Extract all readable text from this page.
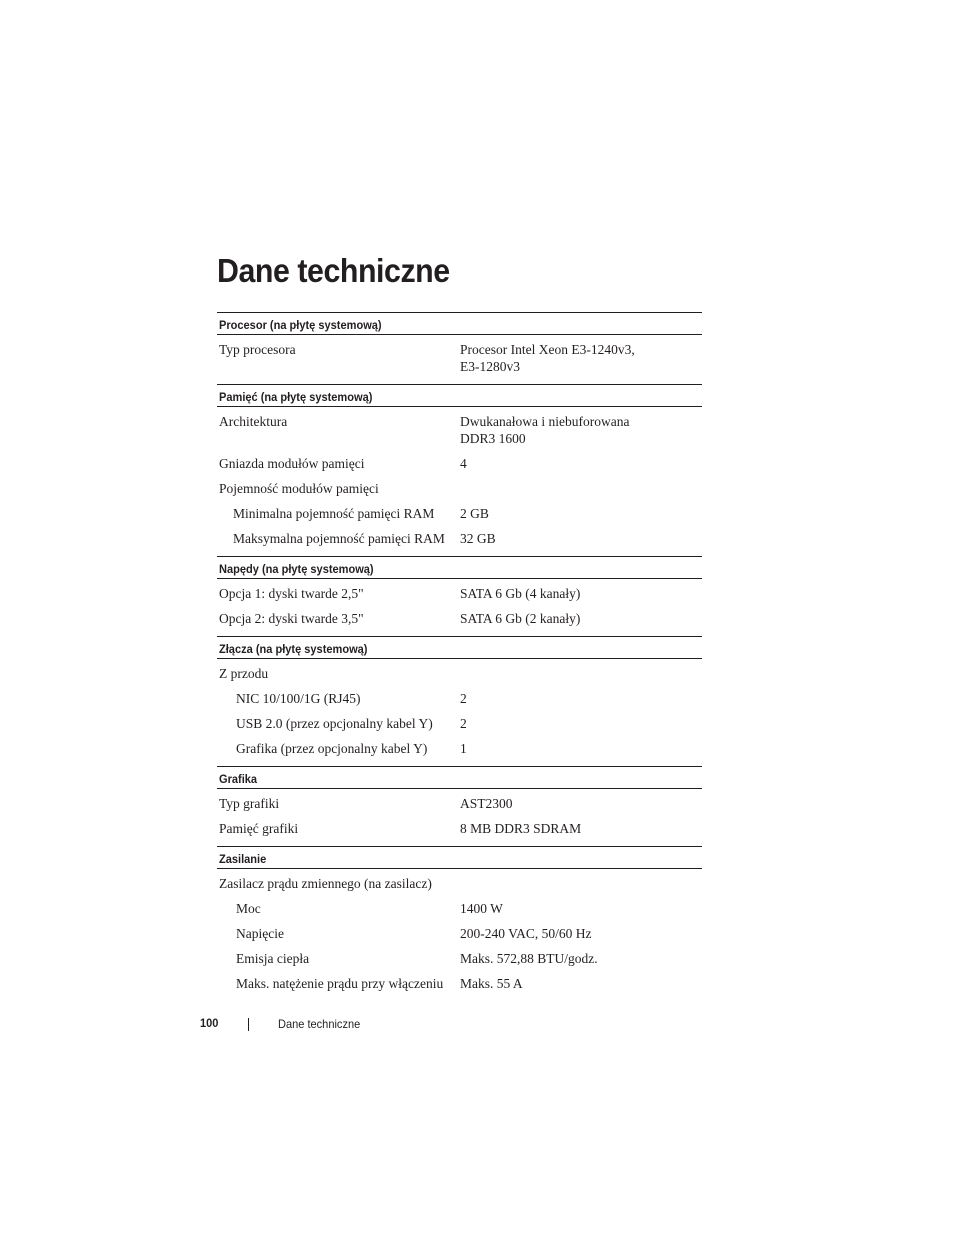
Dane techniczne
Procesor (na płytę systemową)
Typ procesora	Procesor Intel Xeon E3-1240v3,
E3-1280v3
Pamięć (na płytę systemową)
Architektura	Dwukanałowa i niebuforowana
DDR3 1600
Gniazda modułów pamięci	4
Pojemność modułów pamięci
Minimalna pojemność pamięci RAM	2 GB
Maksymalna pojemność pamięci RAM	32 GB
Napędy (na płytę systemową)
Opcja 1: dyski twarde 2,5"	SATA 6 Gb (4 kanały)
Opcja 2: dyski twarde 3,5"	SATA 6 Gb (2 kanały)
Złącza (na płytę systemową)
Z przodu
NIC 10/100/1G (RJ45)	2
USB 2.0 (przez opcjonalny kabel Y)	2
Grafika (przez opcjonalny kabel Y)	1
Grafika
Typ grafiki	AST2300
Pamięć grafiki	8 MB DDR3 SDRAM
Zasilanie
Zasilacz prądu zmiennego (na zasilacz)
Moc	1400 W
Napięcie	200-240 VAC, 50/60 Hz
Emisja ciepła	Maks. 572,88 BTU/godz.
Maks. natężenie prądu przy włączeniu	Maks. 55 A
100	Dane techniczne
